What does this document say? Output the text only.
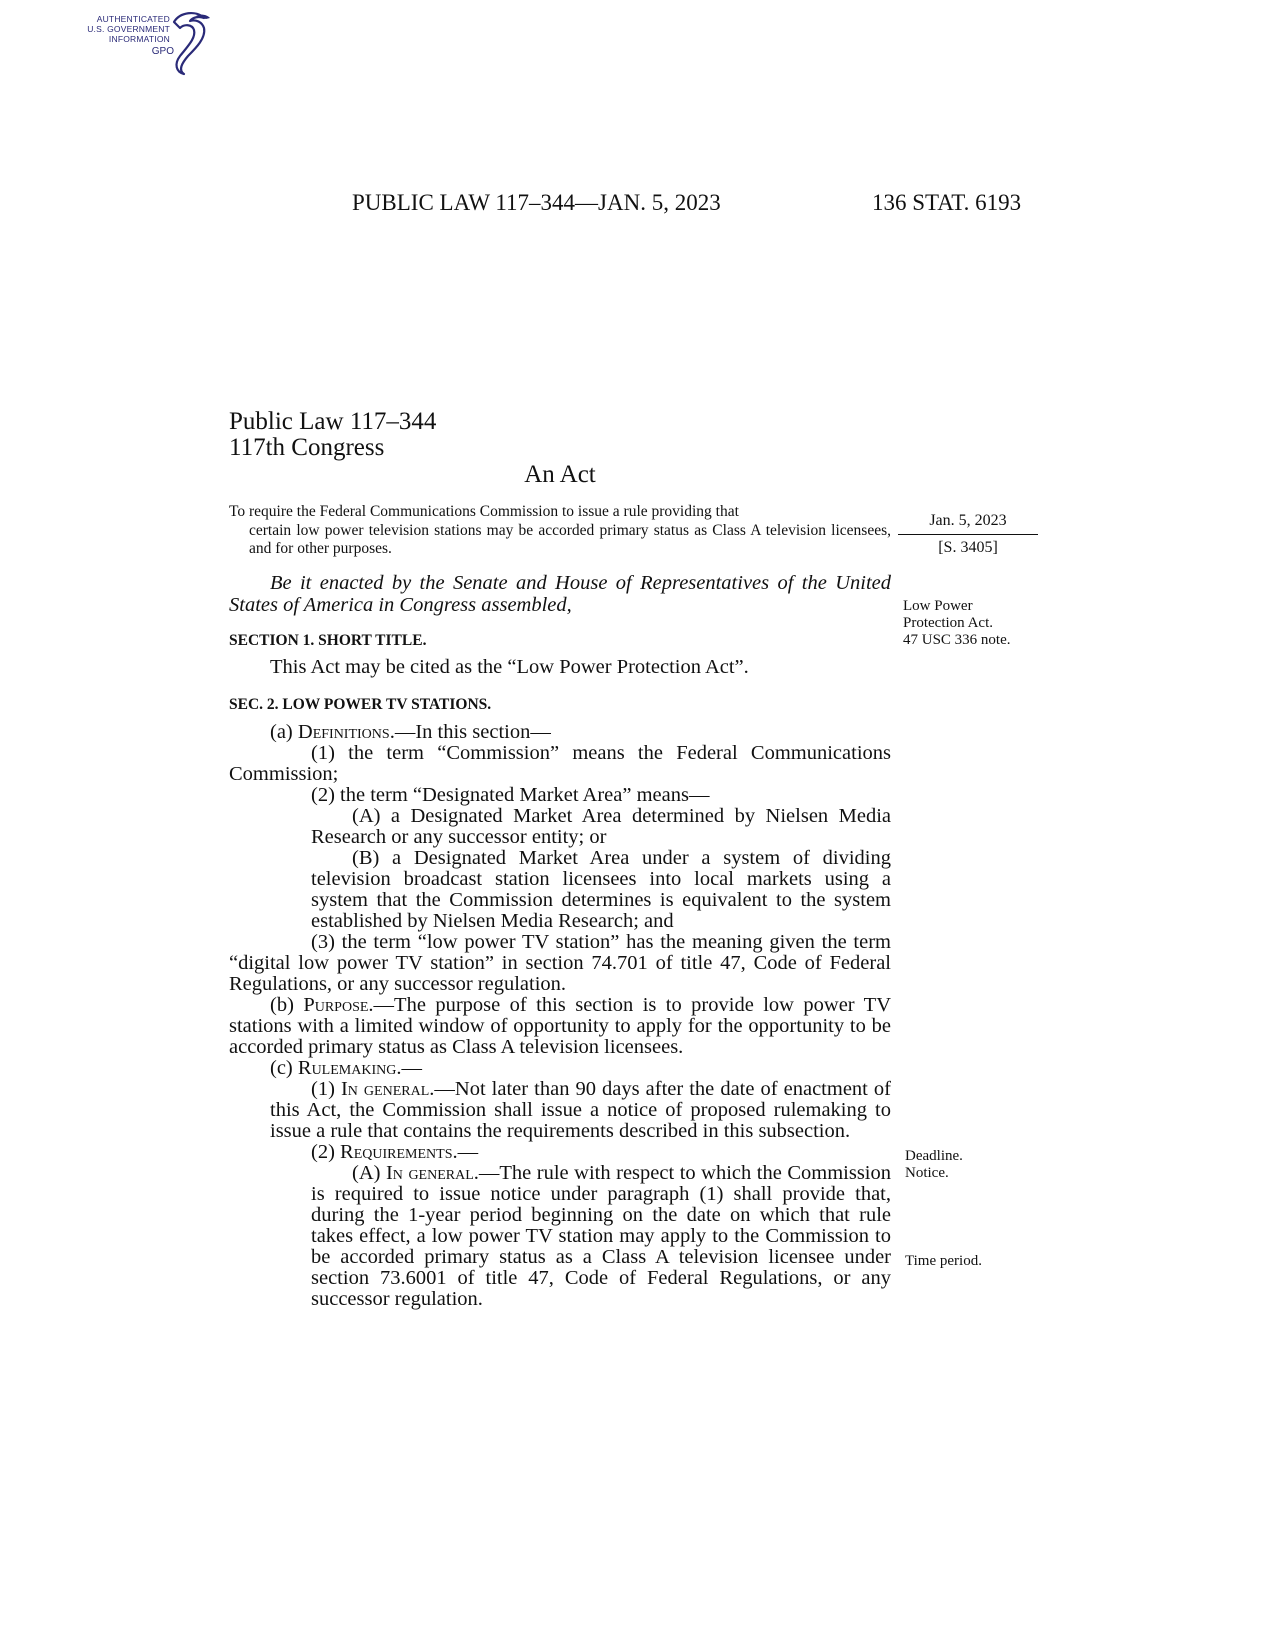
AUTHENTICATED
U.S. GOVERNMENT
INFORMATION
GPO
PUBLIC LAW 117–344—JAN. 5, 2023	136 STAT. 6193
Public Law 117–344
117th Congress
An Act
To require the Federal Communications Commission to issue a rule providing that
certain low power television stations may be accorded primary status as Class A television licensees, and for other purposes.
Jan. 5, 2023
[S. 3405]
Be it enacted by the Senate and House of Representatives of the United States of America in Congress assembled,	Low Power
Protection Act.
47 USC 336 note.
Deadline.
Notice.
Time period.
SECTION 1. SHORT TITLE.

This Act may be cited as the “Low Power Protection Act”.

SEC. 2. LOW POWER TV STATIONS.

(a) Definitions.—In this section—

(1) the term “Commission” means the Federal Communications Commission;

(2) the term “Designated Market Area” means—

(A) a Designated Market Area determined by Nielsen Media Research or any successor entity; or

(B) a Designated Market Area under a system of dividing television broadcast station licensees into local markets using a system that the Commission determines is equivalent to the system established by Nielsen Media Research; and

(3) the term “low power TV station” has the meaning given the term “digital low power TV station” in section 74.701 of title 47, Code of Federal Regulations, or any successor regulation.

(b) Purpose.—The purpose of this section is to provide low power TV stations with a limited window of opportunity to apply for the opportunity to be accorded primary status as Class A television licensees.

(c) Rulemaking.—

(1) In general.—Not later than 90 days after the date of enactment of this Act, the Commission shall issue a notice of proposed rulemaking to issue a rule that contains the requirements described in this subsection.

(2) Requirements.—

(A) In general.—The rule with respect to which the Commission is required to issue notice under paragraph (1) shall provide that, during the 1-year period beginning on the date on which that rule takes effect, a low power TV station may apply to the Commission to be accorded primary status as a Class A television licensee under section 73.6001 of title 47, Code of Federal Regulations, or any successor regulation.
